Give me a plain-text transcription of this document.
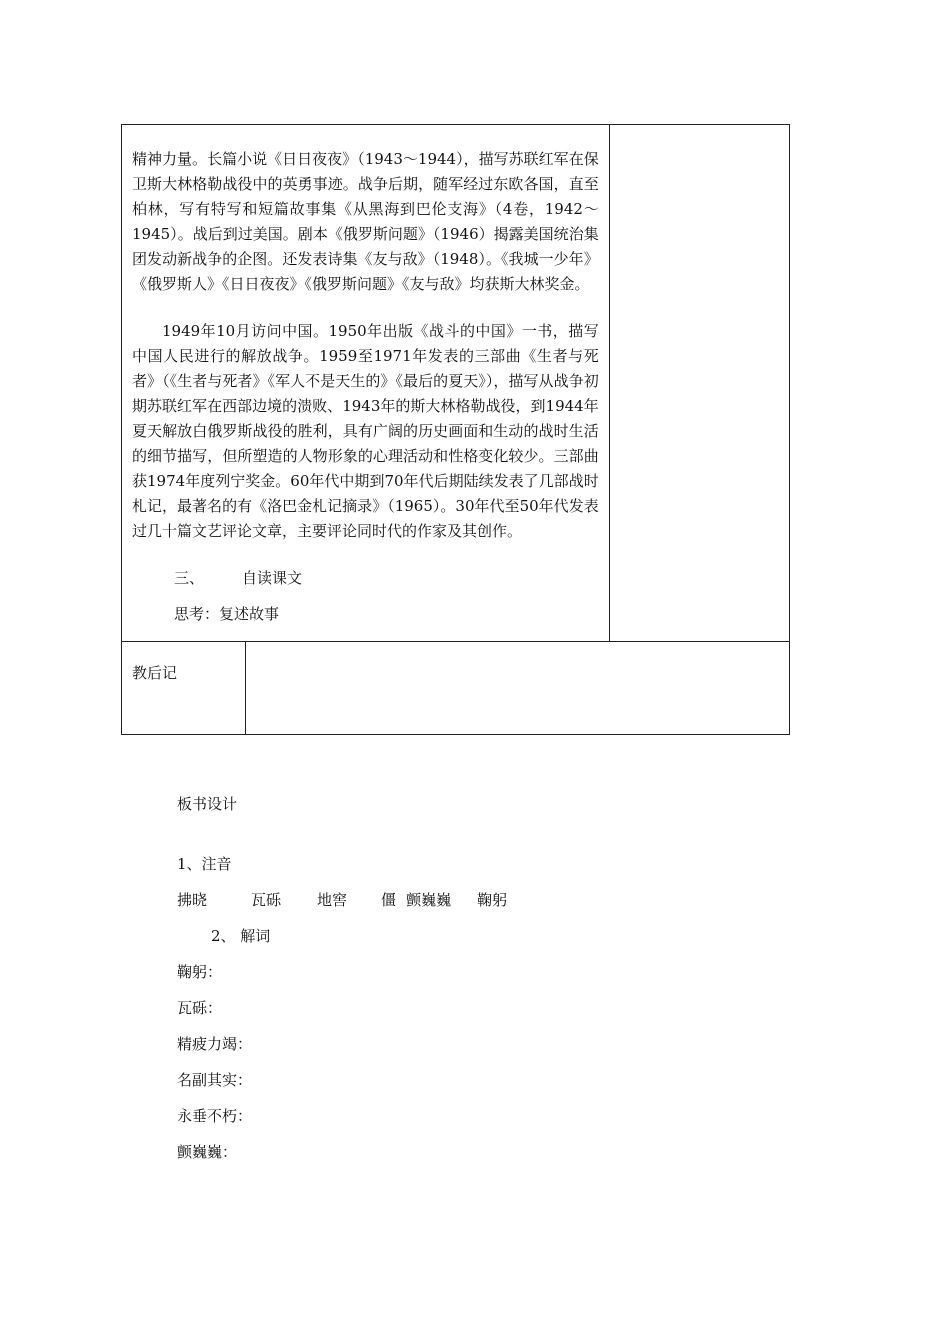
精神力量。长篇小说《日日夜夜》（1943～1944），描写苏联红军在保卫斯大林格勒战役中的英勇事迹。战争后期，随军经过东欧各国，直至柏林，写有特写和短篇故事集《从黑海到巴伦支海》（4卷，1942～1945）。战后到过美国。剧本《俄罗斯问题》（1946）揭露美国统治集团发动新战争的企图。还发表诗集《友与敌》（1948）。《我城一少年》《俄罗斯人》《日日夜夜》《俄罗斯问题》《友与敌》均获斯大林奖金。

1949年10月访问中国。1950年出版《战斗的中国》一书，描写中国人民进行的解放战争。1959至1971年发表的三部曲《生者与死者》（《生者与死者》《军人不是天生的》《最后的夏天》），描写从战争初期苏联红军在西部边境的溃败、1943年的斯大林格勒战役，到1944年夏天解放白俄罗斯战役的胜利，具有广阔的历史画面和生动的战时生活的细节描写，但所塑造的人物形象的心理活动和性格变化较少。三部曲获1974年度列宁奖金。60年代中期到70年代后期陆续发表了几部战时札记，最著名的有《洛巴金札记摘录》（1965）。30年代至50年代发表过几十篇文艺评论文章，主要评论同时代的作家及其创作。

三、 自读课文
思考：复述故事		

教后记		
板书设计
1、注音
拂晓	瓦砾 地窖 僵 颤巍巍 鞠躬
2、 解词
鞠躬：
瓦砾：
精疲力竭：
名副其实：
永垂不朽：
颤巍巍：
